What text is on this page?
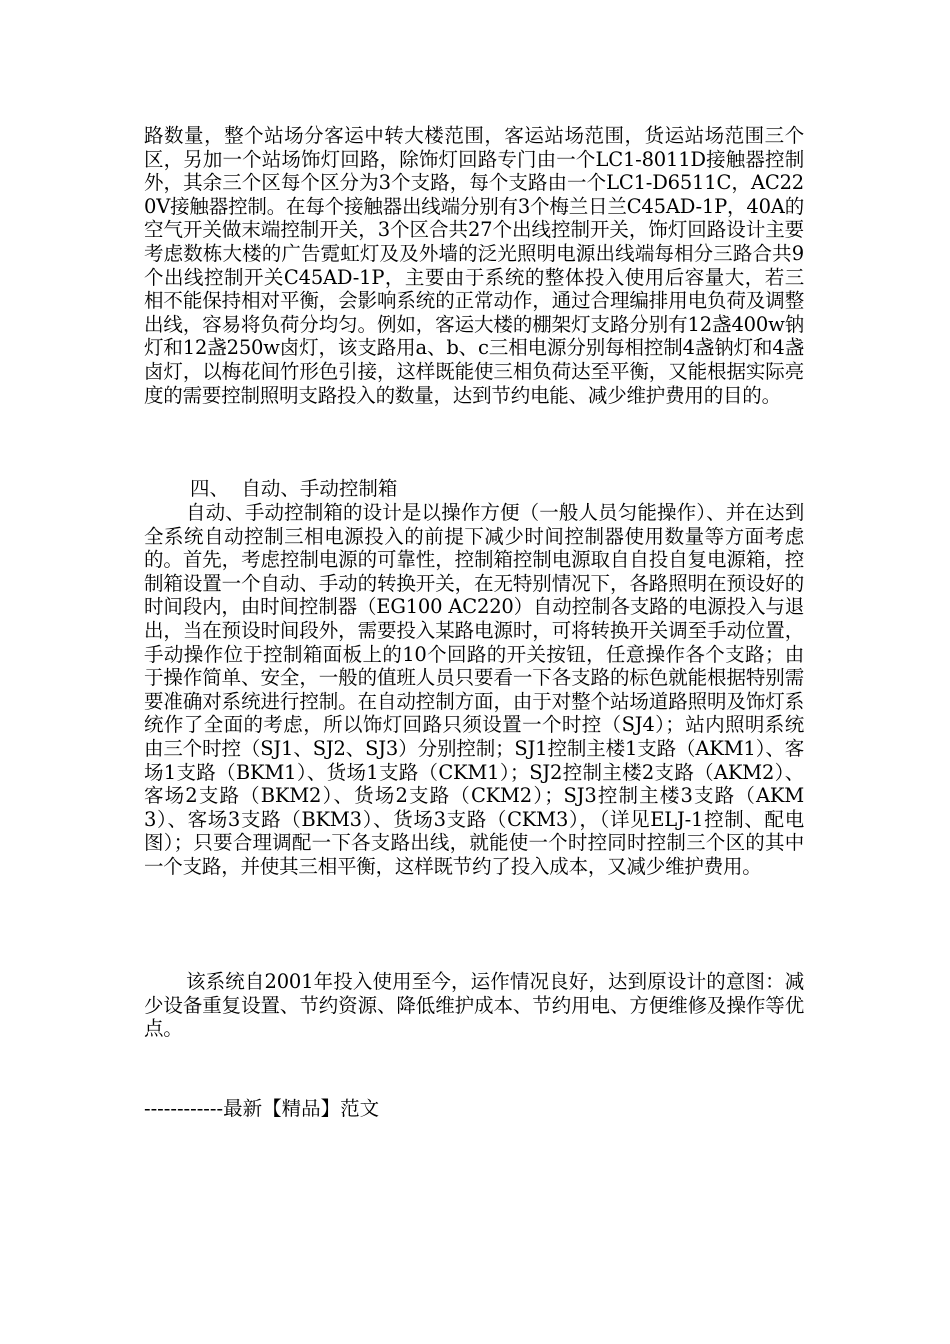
路数量，整个站场分客运中转大楼范围，客运站场范围，货运站场范围三个区，另加一个站场饰灯回路，除饰灯回路专门由一个LC1-8011D接触器控制外，其余三个区每个区分为3个支路，每个支路由一个LC1-D6511C，AC220V接触器控制。在每个接触器出线端分别有3个梅兰日兰C45AD-1P，40A的空气开关做末端控制开关，3个区合共27个出线控制开关，饰灯回路设计主要考虑数栋大楼的广告霓虹灯及及外墙的泛光照明电源出线端每相分三路合共9个出线控制开关C45AD-1P，主要由于系统的整体投入使用后容量大，若三相不能保持相对平衡，会影响系统的正常动作，通过合理编排用电负荷及调整出线，容易将负荷分均匀。例如，客运大楼的棚架灯支路分别有12盏400w钠灯和12盏250w卤灯，该支路用a、b、c三相电源分别每相控制4盏钠灯和4盏卤灯，以梅花间竹形色引接，这样既能使三相负荷达至平衡，又能根据实际亮度的需要控制照明支路投入的数量，达到节约电能、减少维护费用的目的。
四、  自动、手动控制箱
自动、手动控制箱的设计是以操作方便（一般人员匀能操作）、并在达到全系统自动控制三相电源投入的前提下减少时间控制器使用数量等方面考虑的。首先，考虑控制电源的可靠性，控制箱控制电源取自自投自复电源箱，控制箱设置一个自动、手动的转换开关，在无特别情况下，各路照明在预设好的时间段内，由时间控制器（EG100 AC220）自动控制各支路的电源投入与退出，当在预设时间段外，需要投入某路电源时，可将转换开关调至手动位置，手动操作位于控制箱面板上的10个回路的开关按钮，任意操作各个支路；由于操作简单、安全，一般的值班人员只要看一下各支路的标色就能根据特别需要准确对系统进行控制。在自动控制方面，由于对整个站场道路照明及饰灯系统作了全面的考虑，所以饰灯回路只须设置一个时控（SJ4）；站内照明系统由三个时控（SJ1、SJ2、SJ3）分别控制；SJ1控制主楼1支路（AKM1）、客场1支路（BKM1）、货场1支路（CKM1）；SJ2控制主楼2支路（AKM2）、客场2支路（BKM2）、货场2支路（CKM2）；SJ3控制主楼3支路（AKM3）、客场3支路（BKM3）、货场3支路（CKM3），（详见ELJ-1控制、配电图）；只要合理调配一下各支路出线，就能使一个时控同时控制三个区的其中一个支路，并使其三相平衡，这样既节约了投入成本，又减少维护费用。
该系统自2001年投入使用至今，运作情况良好，达到原设计的意图：减少设备重复设置、节约资源、降低维护成本、节约用电、方便维修及操作等优点。
------------最新【精品】范文
